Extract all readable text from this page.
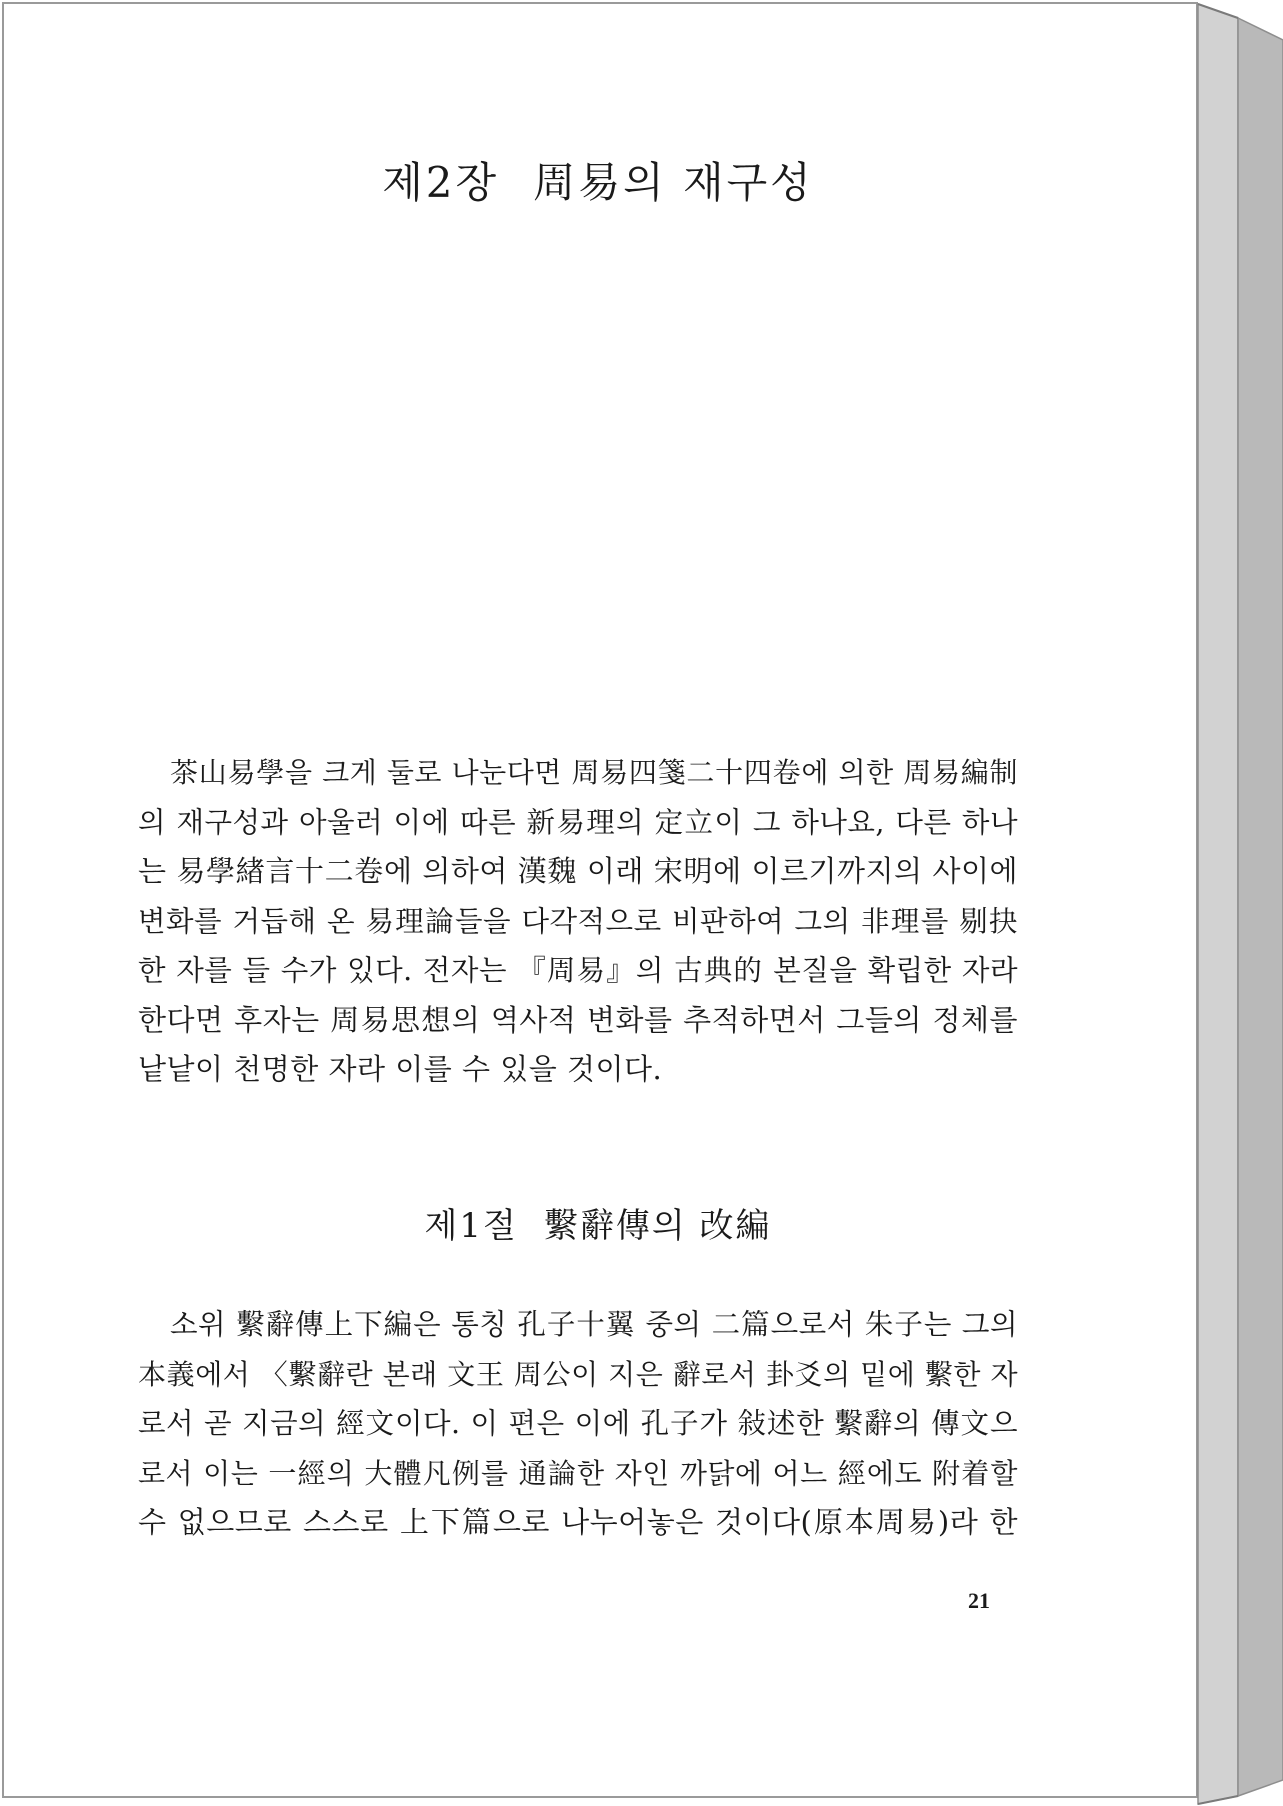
제2장 周易의 재구성
茶山易學을 크게 둘로 나눈다면 周易四箋二十四卷에 의한 周易編制
의 재구성과 아울러 이에 따른 新易理의 定立이 그 하나요, 다른 하나
는 易學緖言十二卷에 의하여 漢魏 이래 宋明에 이르기까지의 사이에
변화를 거듭해 온 易理論들을 다각적으로 비판하여 그의 非理를 剔抉
한 자를 들 수가 있다. 전자는 『周易』의 古典的 본질을 확립한 자라
한다면 후자는 周易思想의 역사적 변화를 추적하면서 그들의 정체를
낱낱이 천명한 자라 이를 수 있을 것이다.
제1절 繫辭傳의 改編
소위 繫辭傳上下編은 통칭 孔子十翼 중의 二篇으로서 朱子는 그의
本義에서 〈繫辭란 본래 文王 周公이 지은 辭로서 卦爻의 밑에 繫한 자
로서 곧 지금의 經文이다. 이 편은 이에 孔子가 敍述한 繫辭의 傳文으
로서 이는 一經의 大體凡例를 通論한 자인 까닭에 어느 經에도 附着할
수 없으므로 스스로 上下篇으로 나누어놓은 것이다(原本周易)라 한
21
